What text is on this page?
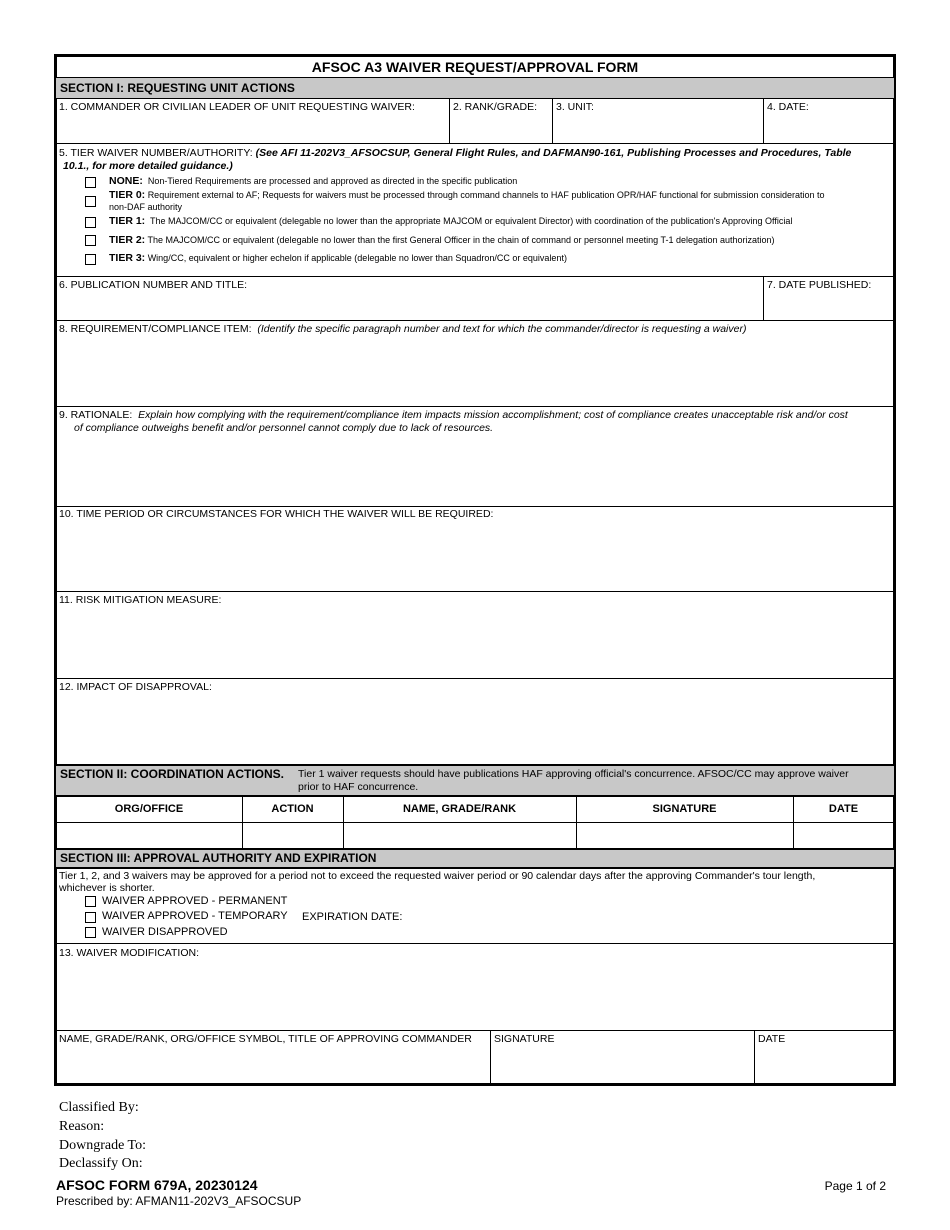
AFSOC A3 WAIVER REQUEST/APPROVAL FORM
SECTION I: REQUESTING UNIT ACTIONS
1. COMMANDER OR CIVILIAN LEADER OF UNIT REQUESTING WAIVER:	2. RANK/GRADE: 3. UNIT:	4. DATE:
5. TIER WAIVER NUMBER/AUTHORITY: (See AFI 11-202V3_AFSOCSUP, General Flight Rules, and DAFMAN90-161, Publishing Processes and Procedures, Table
10.1., for more detailed guidance.)
NONE: Non-Tiered Requirements are processed and approved as directed in the specific publication
TIER 0: Requirement external to AF; Requests for waivers must be processed through command channels to HAF publication OPR/HAF functional for submission consideration to
non-DAF authority
TIER 1: The MAJCOM/CC or equivalent (delegable no lower than the appropriate MAJCOM or equivalent Director) with coordination of the publication's Approving Official
TIER 2: The MAJCOM/CC or equivalent (delegable no lower than the first General Officer in the chain of command or personnel meeting T-1 delegation authorization)
TIER 3: Wing/CC, equivalent or higher echelon if applicable (delegable no lower than Squadron/CC or equivalent)
6. PUBLICATION NUMBER AND TITLE:	7. DATE PUBLISHED:
8. REQUIREMENT/COMPLIANCE ITEM: (Identify the specific paragraph number and text for which the commander/director is requesting a waiver)
9. RATIONALE: Explain how complying with the requirement/compliance item impacts mission accomplishment; cost of compliance creates unacceptable risk and/or cost
of compliance outweighs benefit and/or personnel cannot comply due to lack of resources.
10. TIME PERIOD OR CIRCUMSTANCES FOR WHICH THE WAIVER WILL BE REQUIRED:
11. RISK MITIGATION MEASURE:
12. IMPACT OF DISAPPROVAL:
SECTION II: COORDINATION ACTIONS. Tier 1 waiver requests should have publications HAF approving official's concurrence. AFSOC/CC may approve waiver
prior to HAF concurrence.
ORG/OFFICE	ACTION	NAME, GRADE/RANK	SIGNATURE	DATE
SECTION III: APPROVAL AUTHORITY AND EXPIRATION
Tier 1, 2, and 3 waivers may be approved for a period not to exceed the requested waiver period or 90 calendar days after the approving Commander's tour length,
whichever is shorter.
WAIVER APPROVED - PERMANENT
WAIVER APPROVED - TEMPORARY EXPIRATION DATE:
WAIVER DISAPPROVED
13. WAIVER MODIFICATION:
NAME, GRADE/RANK, ORG/OFFICE SYMBOL, TITLE OF APPROVING COMMANDER SIGNATURE	DATE
Classified By:
Reason:
Downgrade To:
Declassify On:
AFSOC FORM 679A, 20230124
Prescribed by: AFMAN11-202V3_AFSOCSUP
Page 1 of 2
